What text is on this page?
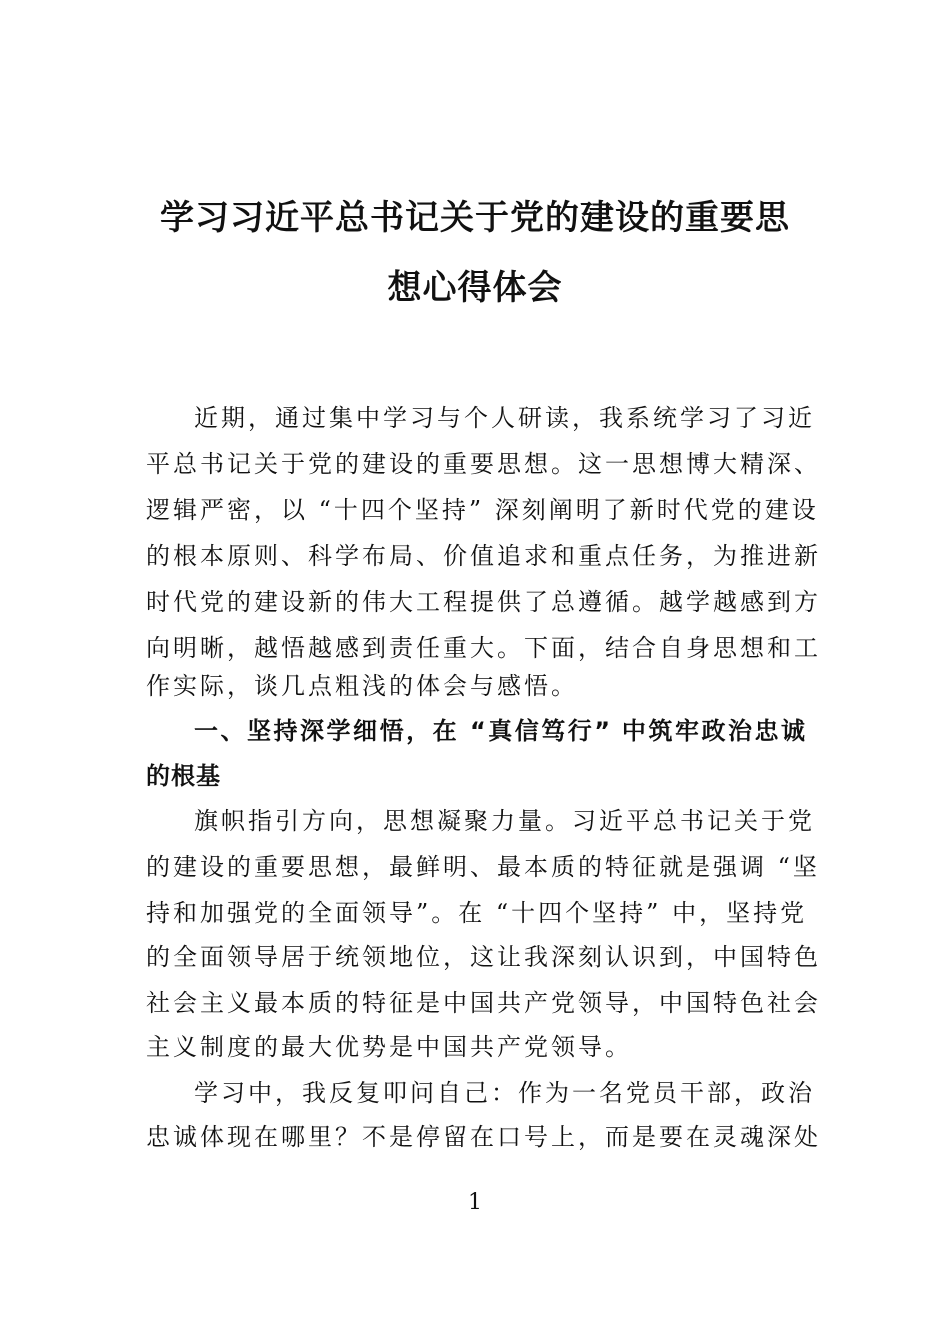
学习习近平总书记关于党的建设的重要思
想心得体会
近期，通过集中学习与个人研读，我系统学习了习近
平总书记关于党的建设的重要思想。这一思想博大精深、
逻辑严密，以 “十四个坚持” 深刻阐明了新时代党的建设
的根本原则、科学布局、价值追求和重点任务，为推进新
时代党的建设新的伟大工程提供了总遵循。越学越感到方
向明晰，越悟越感到责任重大。下面，结合自身思想和工
作实际，谈几点粗浅的体会与感悟。
一、坚持深学细悟，在 “真信笃行” 中筑牢政治忠诚
的根基
旗帜指引方向，思想凝聚力量。习近平总书记关于党
的建设的重要思想，最鲜明、最本质的特征就是强调 “坚
持和加强党的全面领导”。在 “十四个坚持” 中，坚持党
的全面领导居于统领地位，这让我深刻认识到，中国特色
社会主义最本质的特征是中国共产党领导，中国特色社会
主义制度的最大优势是中国共产党领导。
学习中，我反复叩问自己：作为一名党员干部，政治
忠诚体现在哪里？不是停留在口号上，而是要在灵魂深处
1
